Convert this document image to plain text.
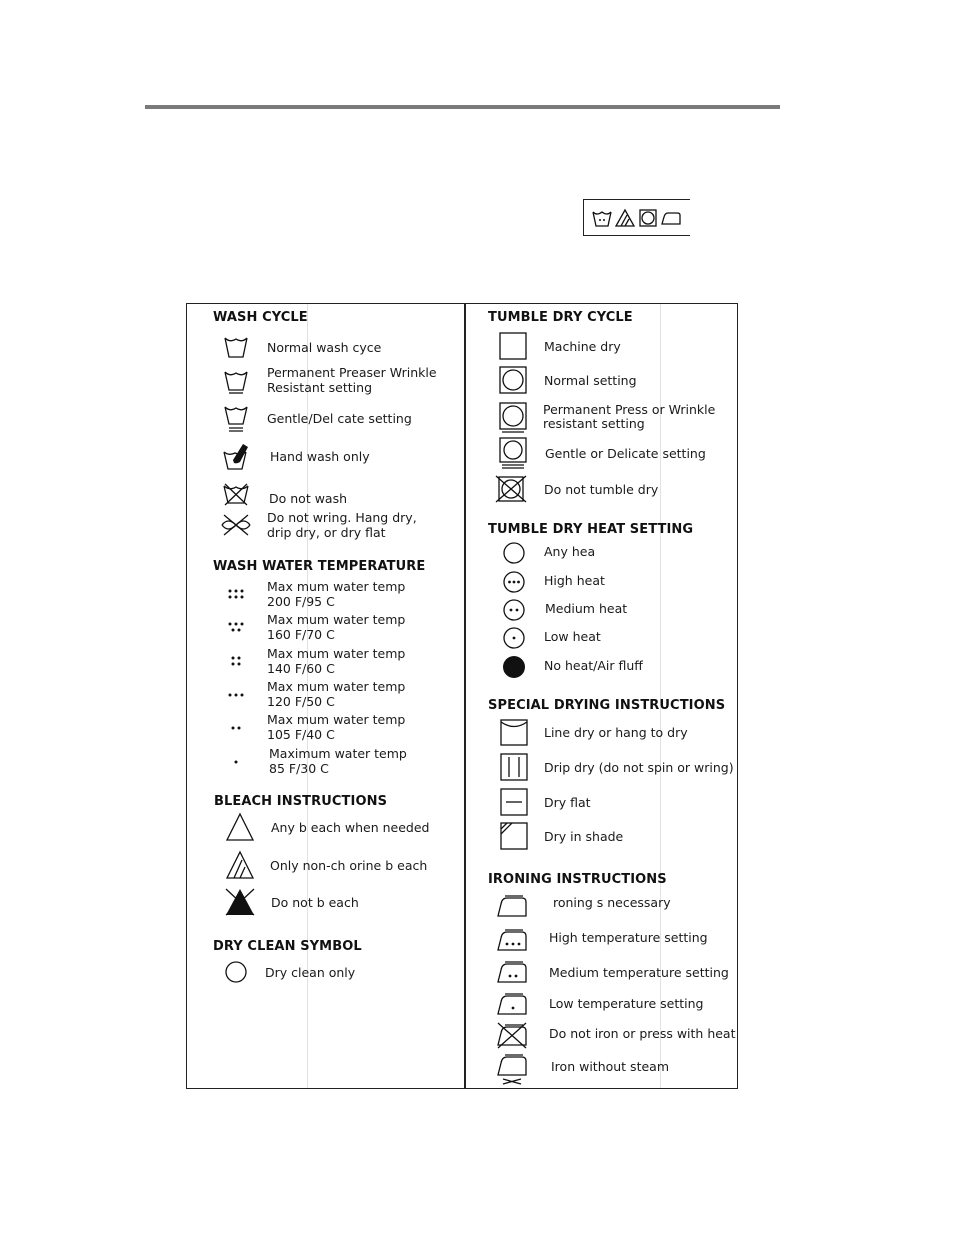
WASH CYCLE
Normal wash cyce
Permanent Preaser Wrinkle
Resistant setting
Gentle/Del cate setting
Hand wash only
Do not wash
Do not wring. Hang dry,
drip dry, or dry flat
WASH WATER TEMPERATURE
Max mum water temp
200 F/95 C
Max mum water temp
160 F/70 C
Max mum water temp
140 F/60 C
Max mum water temp
120 F/50 C
Max mum water temp
105 F/40 C
Maximum water temp
85 F/30 C
BLEACH INSTRUCTIONS
Any b each when needed
Only non-ch orine b each
Do not b each
DRY CLEAN SYMBOL
Dry clean only
TUMBLE DRY CYCLE
Machine dry
Normal setting
Permanent Press or Wrinkle
resistant setting
Gentle or Delicate setting
Do not tumble dry
TUMBLE DRY HEAT SETTING
Any hea
High heat
Medium heat
Low heat
No heat/Air fluff
SPECIAL DRYING INSTRUCTIONS
Line dry or hang to dry
Drip dry (do not spin or wring)
Dry flat
Dry in shade
IRONING INSTRUCTIONS
roning s necessary
High temperature setting
Medium temperature setting
Low temperature setting
Do not iron or press with heat
Iron without steam
